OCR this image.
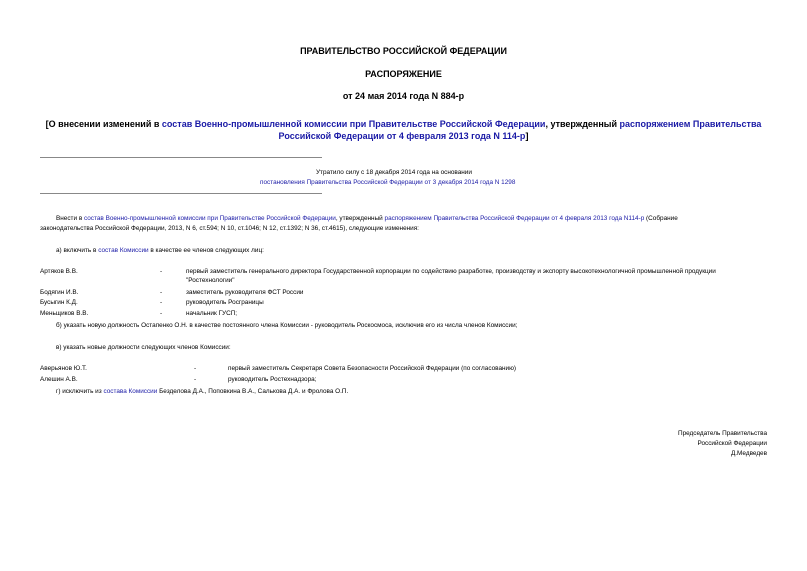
ПРАВИТЕЛЬСТВО РОССИЙСКОЙ ФЕДЕРАЦИИ
РАСПОРЯЖЕНИЕ
от 24 мая 2014 года N 884-р
[О внесении изменений в состав Военно-промышленной комиссии при Правительстве Российской Федерации, утвержденный распоряжением Правительства Российской Федерации от 4 февраля 2013 года N 114-р]
Утратило силу с 18 декабря 2014 года на основании
постановления Правительства Российской Федерации от 3 декабря 2014 года N 1298
Внести в состав Военно-промышленной комиссии при Правительстве Российской Федерации, утвержденный распоряжением Правительства Российской Федерации от 4 февраля 2013 года N114-р (Собрание
законодательства Российской Федерации, 2013, N 6, ст.594; N 10, ст.1046; N 12, ст.1392; N 36, ст.4615), следующие изменения:
а) включить в состав Комиссии в качестве ее членов следующих лиц:
Артяков В.В.	-	первый заместитель генерального директора Государственной корпорации по содействию разработке, производству и экспорту высокотехнологичной промышленной продукции "Ростехнологии"
Бодягин И.В.	-	заместитель руководителя ФСТ России
Бусыгин К.Д.	-	руководитель Росграницы
Меньщиков В.В.	-	начальник ГУСП;
б) указать новую должность Остапенко О.Н. в качестве постоянного члена Комиссии - руководитель Роскосмоса, исключив его из числа членов Комиссии;
в) указать новые должности следующих членов Комиссии:
Аверьянов Ю.Т.	-	первый заместитель Секретаря Совета Безопасности Российской Федерации (по согласованию)
Алешин А.В.	-	руководитель Ростехнадзора;
г) исключить из состава Комиссии Безделова Д.А., Поповкина В.А., Салькова Д.А. и Фролова О.П.
Председатель Правительства
Российской Федерации
Д.Медведев
